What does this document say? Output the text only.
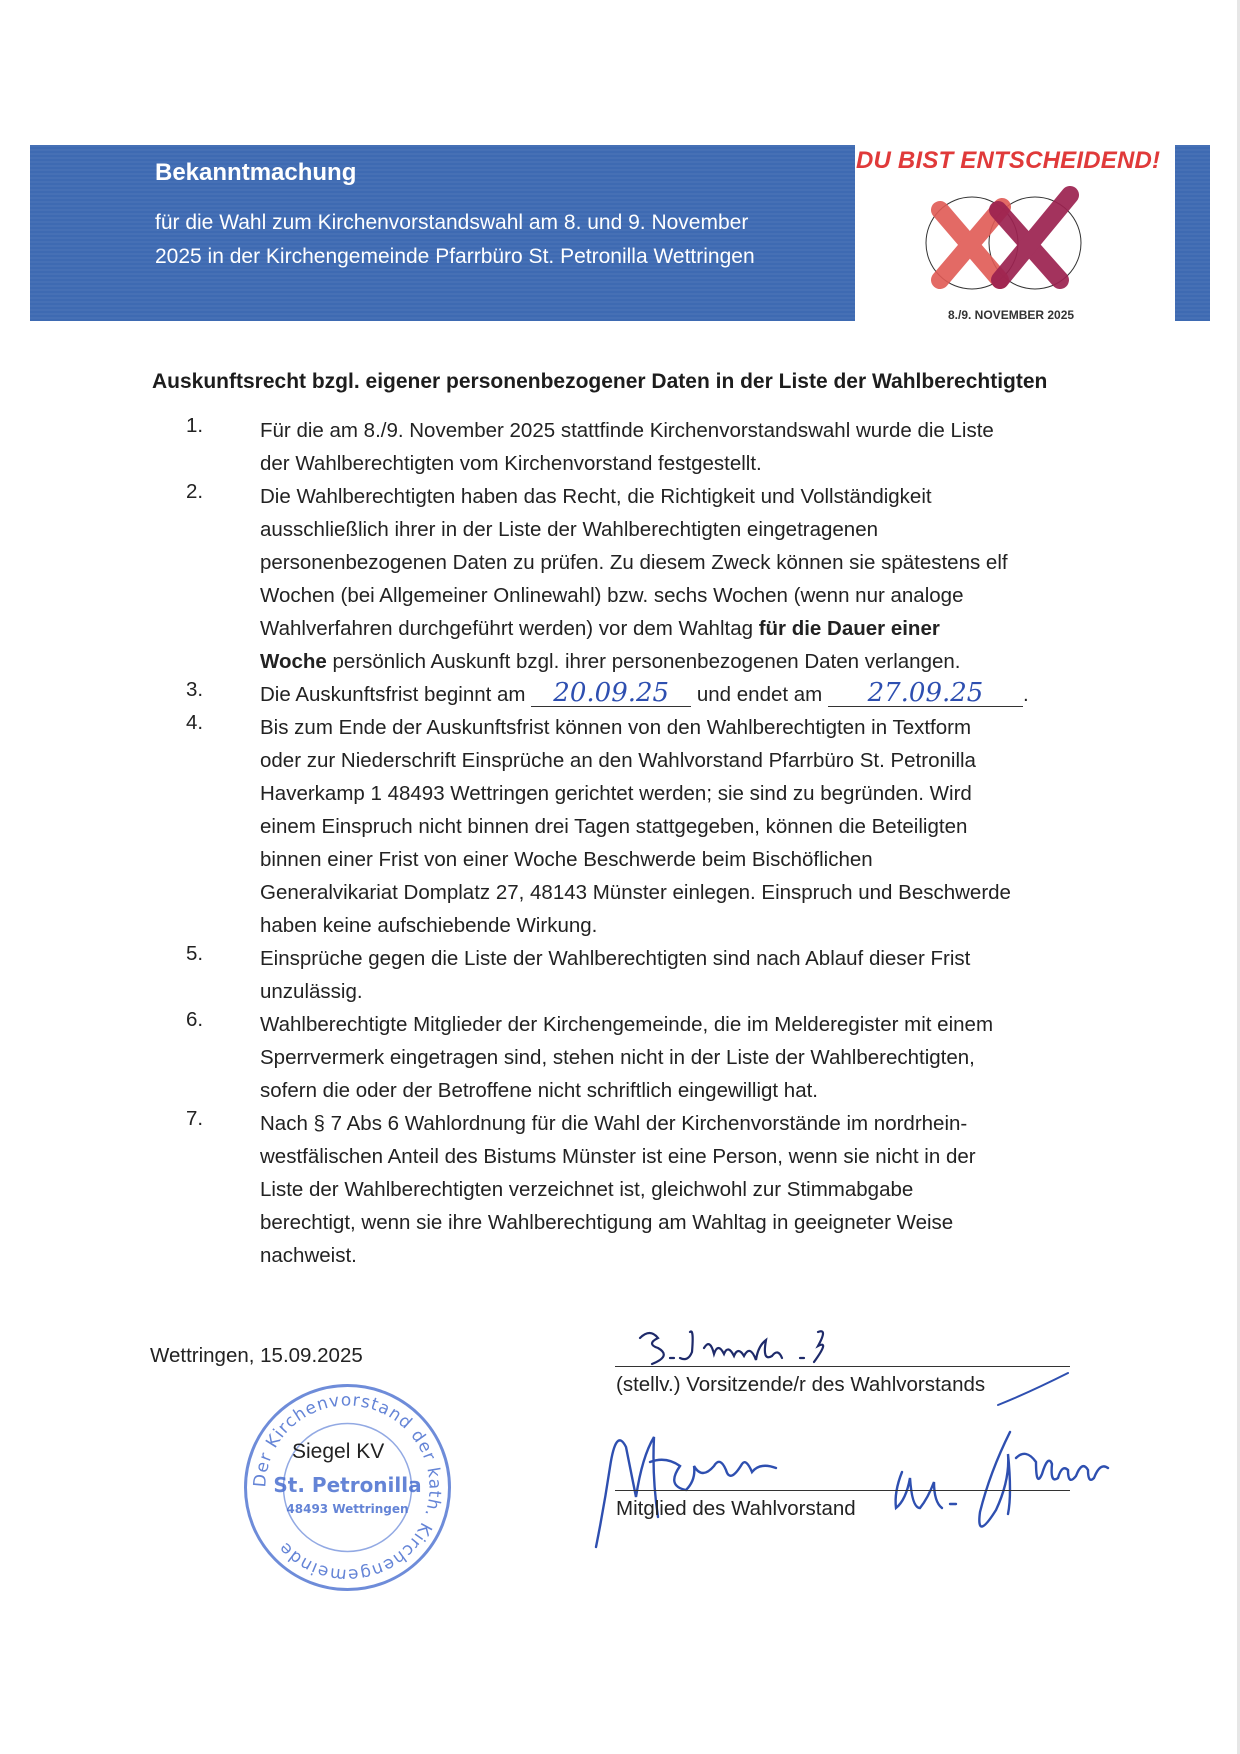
Bekanntmachung
für die Wahl zum Kirchenvorstandswahl am 8. und 9. November
2025 in der Kirchengemeinde Pfarrbüro St. Petronilla Wettringen
DU BIST ENTSCHEIDEND!
8./9. NOVEMBER 2025
Auskunftsrecht bzgl. eigener personenbezogener Daten in der Liste der Wahlberechtigten
1.	Für die am 8./9. November 2025 stattfinde Kirchenvorstandswahl wurde die Liste
der Wahlberechtigten vom Kirchenvorstand festgestellt.
2.	Die Wahlberechtigten haben das Recht, die Richtigkeit und Vollständigkeit
ausschließlich ihrer in der Liste der Wahlberechtigten eingetragenen
personenbezogenen Daten zu prüfen. Zu diesem Zweck können sie spätestens elf
Wochen (bei Allgemeiner Onlinewahl) bzw. sechs Wochen (wenn nur analoge
Wahlverfahren durchgeführt werden) vor dem Wahltag für die Dauer einer
Woche persönlich Auskunft bzgl. ihrer personenbezogenen Daten verlangen.
3.	Die Auskunftsfrist beginnt am 20.09.25 und endet am 27.09.25 .
4.	Bis zum Ende der Auskunftsfrist können von den Wahlberechtigten in Textform
oder zur Niederschrift Einsprüche an den Wahlvorstand Pfarrbüro St. Petronilla
Haverkamp 1 48493 Wettringen gerichtet werden; sie sind zu begründen. Wird
einem Einspruch nicht binnen drei Tagen stattgegeben, können die Beteiligten
binnen einer Frist von einer Woche Beschwerde beim Bischöflichen
Generalvikariat Domplatz 27, 48143 Münster einlegen. Einspruch und Beschwerde
haben keine aufschiebende Wirkung.
5.	Einsprüche gegen die Liste der Wahlberechtigten sind nach Ablauf dieser Frist
unzulässig.
6.	Wahlberechtigte Mitglieder der Kirchengemeinde, die im Melderegister mit einem
Sperrvermerk eingetragen sind, stehen nicht in der Liste der Wahlberechtigten,
sofern die oder der Betroffene nicht schriftlich eingewilligt hat.
7.	Nach § 7 Abs 6 Wahlordnung für die Wahl der Kirchenvorstände im nordrhein-
westfälischen Anteil des Bistums Münster ist eine Person, wenn sie nicht in der
Liste der Wahlberechtigten verzeichnet ist, gleichwohl zur Stimmabgabe
berechtigt, wenn sie ihre Wahlberechtigung am Wahltag in geeigneter Weise
nachweist.
Wettringen, 15.09.2025
Der Kirchenvorstand der kath. Kirchengemeinde
St. Petronilla
48493 Wettringen
Siegel KV
(stellv.) Vorsitzende/r des Wahlvorstands
Mitglied des Wahlvorstand
